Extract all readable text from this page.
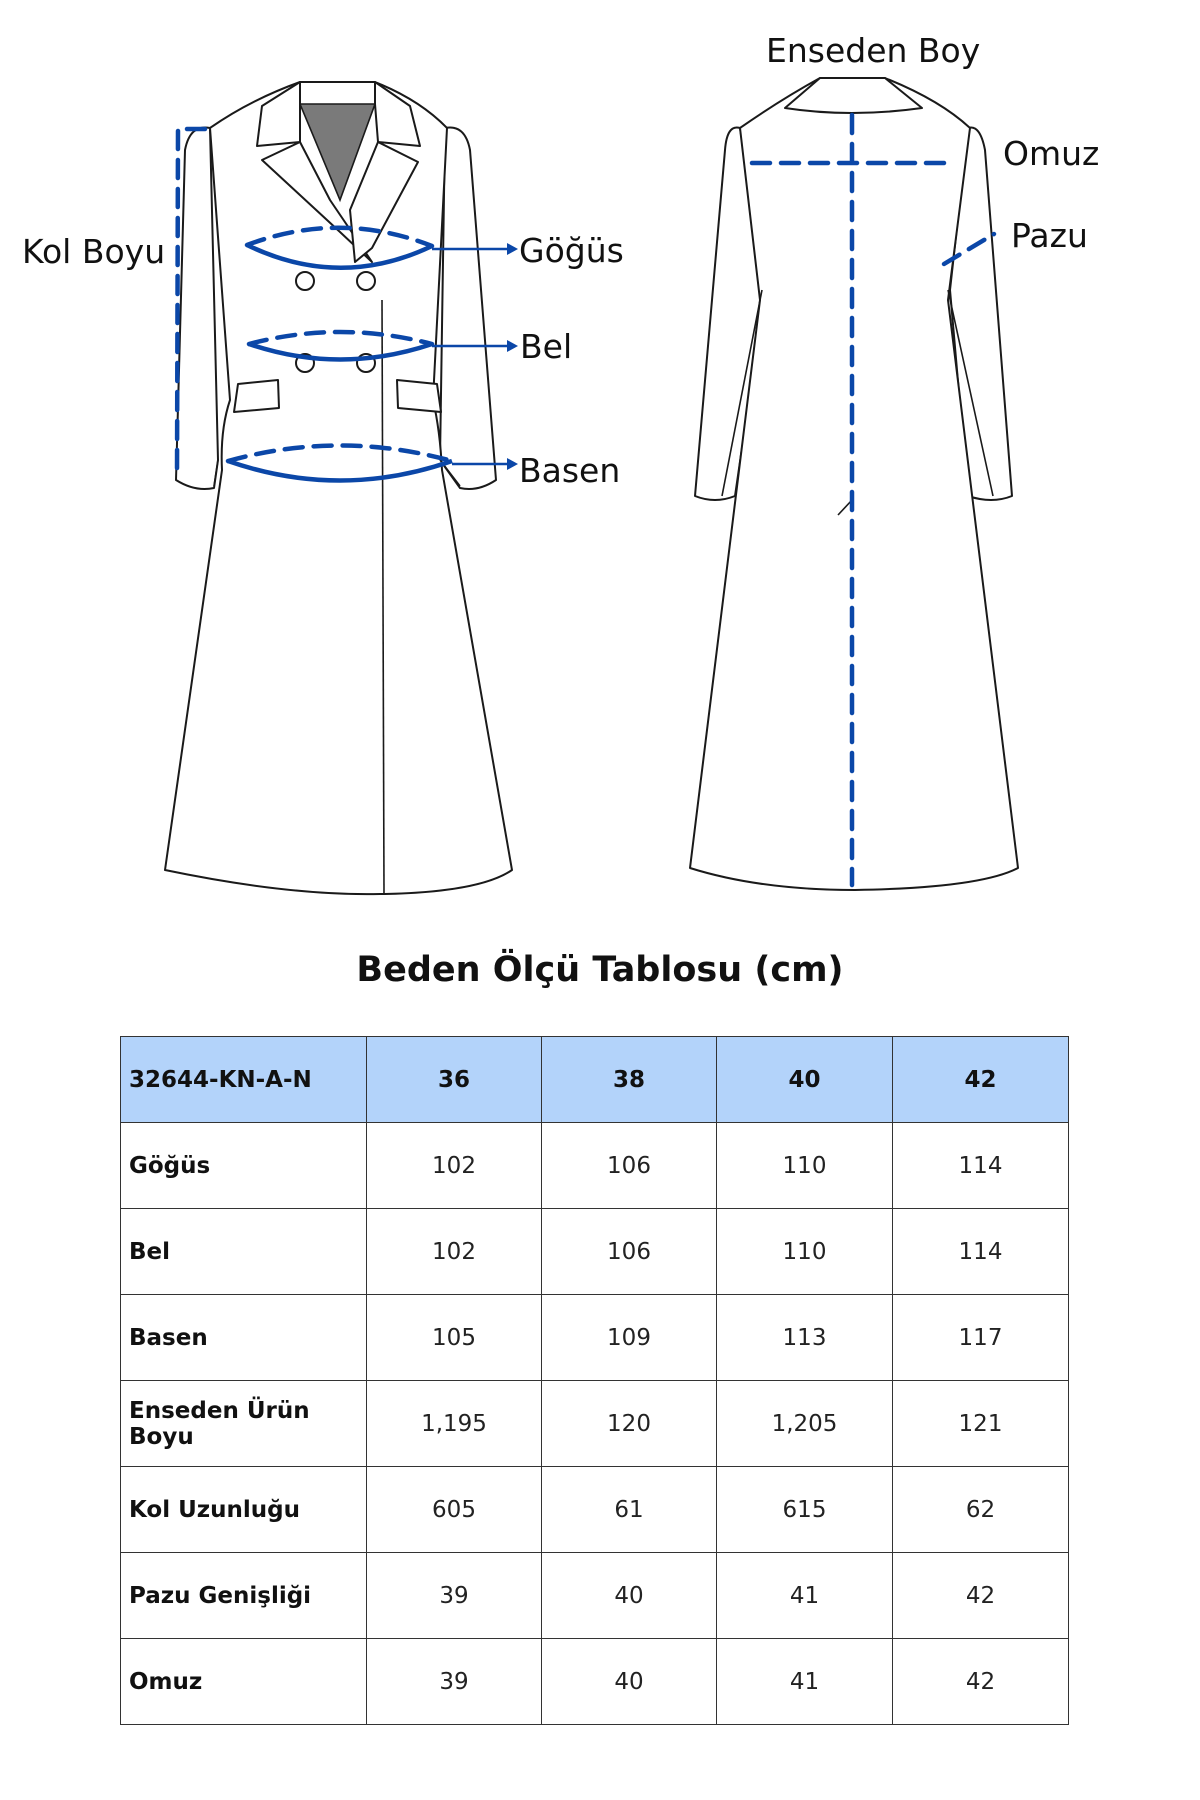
Kol Boyu	Göğüs
Bel
Basen
Enseden Boy
Omuz
Pazu
Beden Ölçü Tablosu (cm)
32644-KN-A-N	36	38	40	42
Göğüs	102	106	110	114
Bel	102	106	110	114
Basen	105	109	113	117
Enseden Ürün Boyu	1,195	120	1,205	121
Kol Uzunluğu	605	61	615	62
Pazu Genişliği	39	40	41	42
Omuz	39	40	41	42
